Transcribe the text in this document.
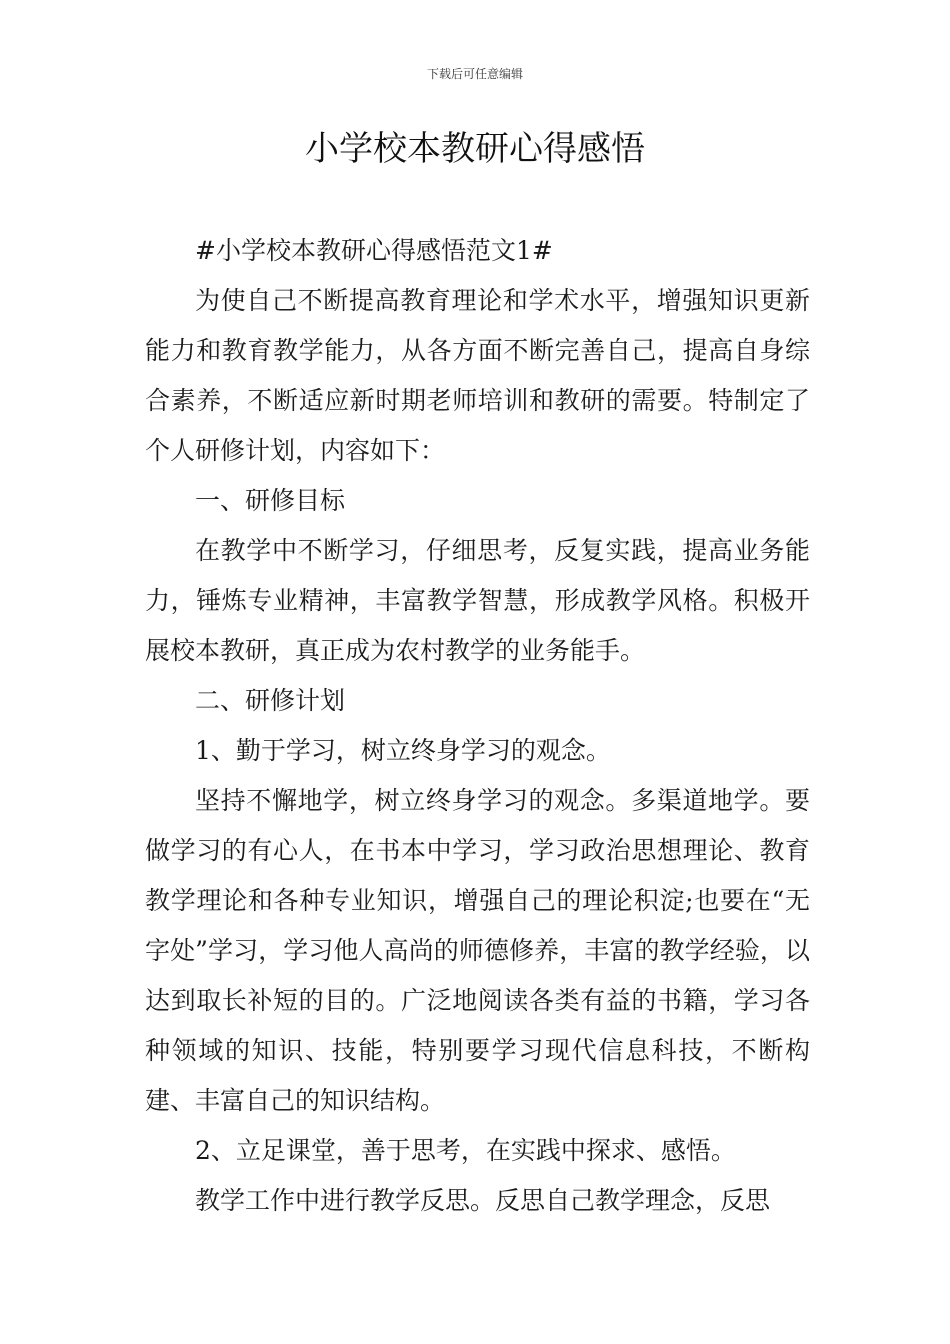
下载后可任意编辑
小学校本教研心得感悟

#小学校本教研心得感悟范文1#

为使自己不断提高教育理论和学术水平，增强知识更新能力和教育教学能力，从各方面不断完善自己，提高自身综合素养，不断适应新时期老师培训和教研的需要。特制定了个人研修计划，内容如下：

一、研修目标

在教学中不断学习，仔细思考，反复实践，提高业务能力，锤炼专业精神，丰富教学智慧，形成教学风格。积极开展校本教研，真正成为农村教学的业务能手。

二、研修计划

1、勤于学习，树立终身学习的观念。

坚持不懈地学，树立终身学习的观念。多渠道地学。要做学习的有心人，在书本中学习，学习政治思想理论、教育教学理论和各种专业知识，增强自己的理论积淀;也要在“无字处”学习，学习他人高尚的师德修养，丰富的教学经验，以达到取长补短的目的。广泛地阅读各类有益的书籍，学习各种领域的知识、技能，特别要学习现代信息科技，不断构建、丰富自己的知识结构。

2、立足课堂，善于思考，在实践中探求、感悟。

教学工作中进行教学反思。反思自己教学理念，反思
